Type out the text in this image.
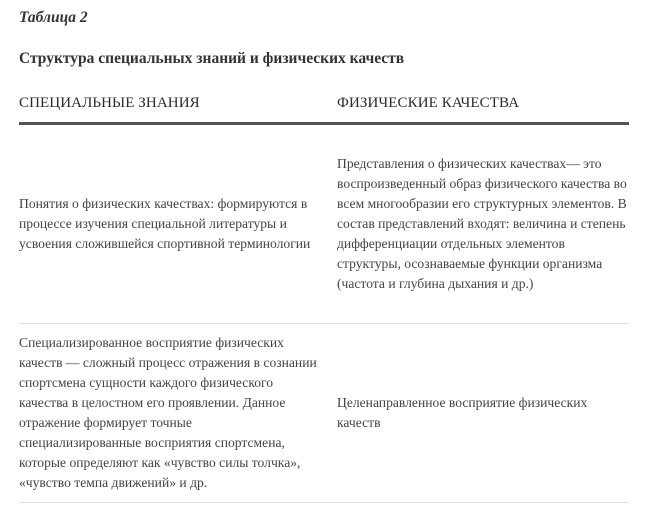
Таблица 2

Структура специальных знаний и физических качеств

СПЕЦИАЛЬНЫЕ ЗНАНИЯ	ФИЗИЧЕСКИЕ КАЧЕСТВА

Понятия о физических качествах: формируются в процессе изучения специальной литературы и усвоения сложившейся спортивной терминологии	Представления о физических качествах— это воспроизведенный образ физического качества во всем многообразии его структурных элементов. В состав представлений входят: величина и степень дифференциации отдельных элементов структуры, осознаваемые функции организма (частота и глубина дыхания и др.)

Специализированное восприятие физических качеств — сложный процесс отражения в сознании спортсмена сущности каждого физического качества в целостном его проявлении. Данное отражение формирует точные специализированные восприятия спортсмена, которые определяют как «чувство силы толчка», «чувство темпа движений» и др.	Целенаправленное восприятие физических качеств
